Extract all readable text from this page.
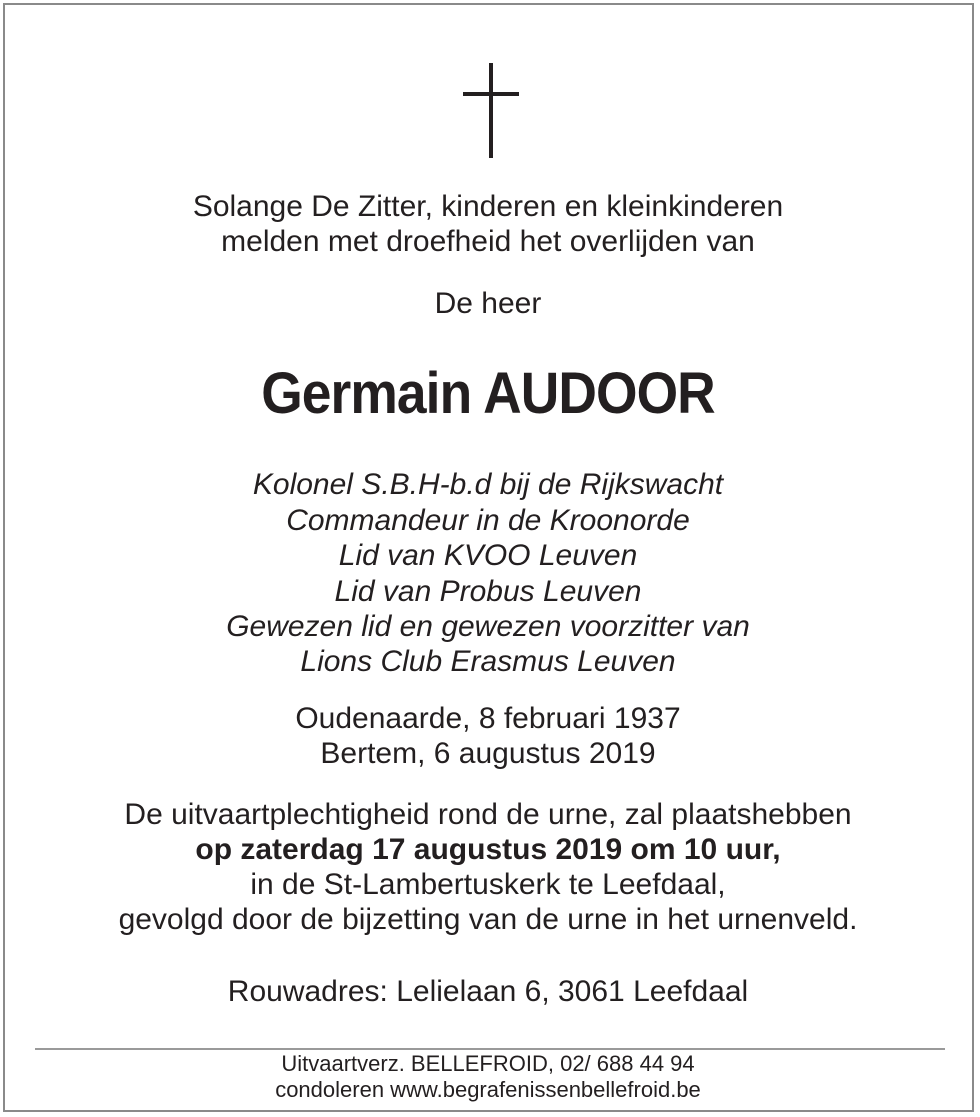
Solange De Zitter, kinderen en kleinkinderen
melden met droefheid het overlijden van
De heer
Germain AUDOOR
Kolonel S.B.H-b.d bij de Rijkswacht
Commandeur in de Kroonorde
Lid van KVOO Leuven
Lid van Probus Leuven
Gewezen lid en gewezen voorzitter van
Lions Club Erasmus Leuven
Oudenaarde, 8 februari 1937
Bertem, 6 augustus 2019
De uitvaartplechtigheid rond de urne, zal plaatshebben
op zaterdag 17 augustus 2019 om 10 uur,
in de St-Lambertuskerk te Leefdaal,
gevolgd door de bijzetting van de urne in het urnenveld.
Rouwadres: Lelielaan 6, 3061 Leefdaal
Uitvaartverz. BELLEFROID, 02/ 688 44 94
condoleren www.begrafenissenbellefroid.be
